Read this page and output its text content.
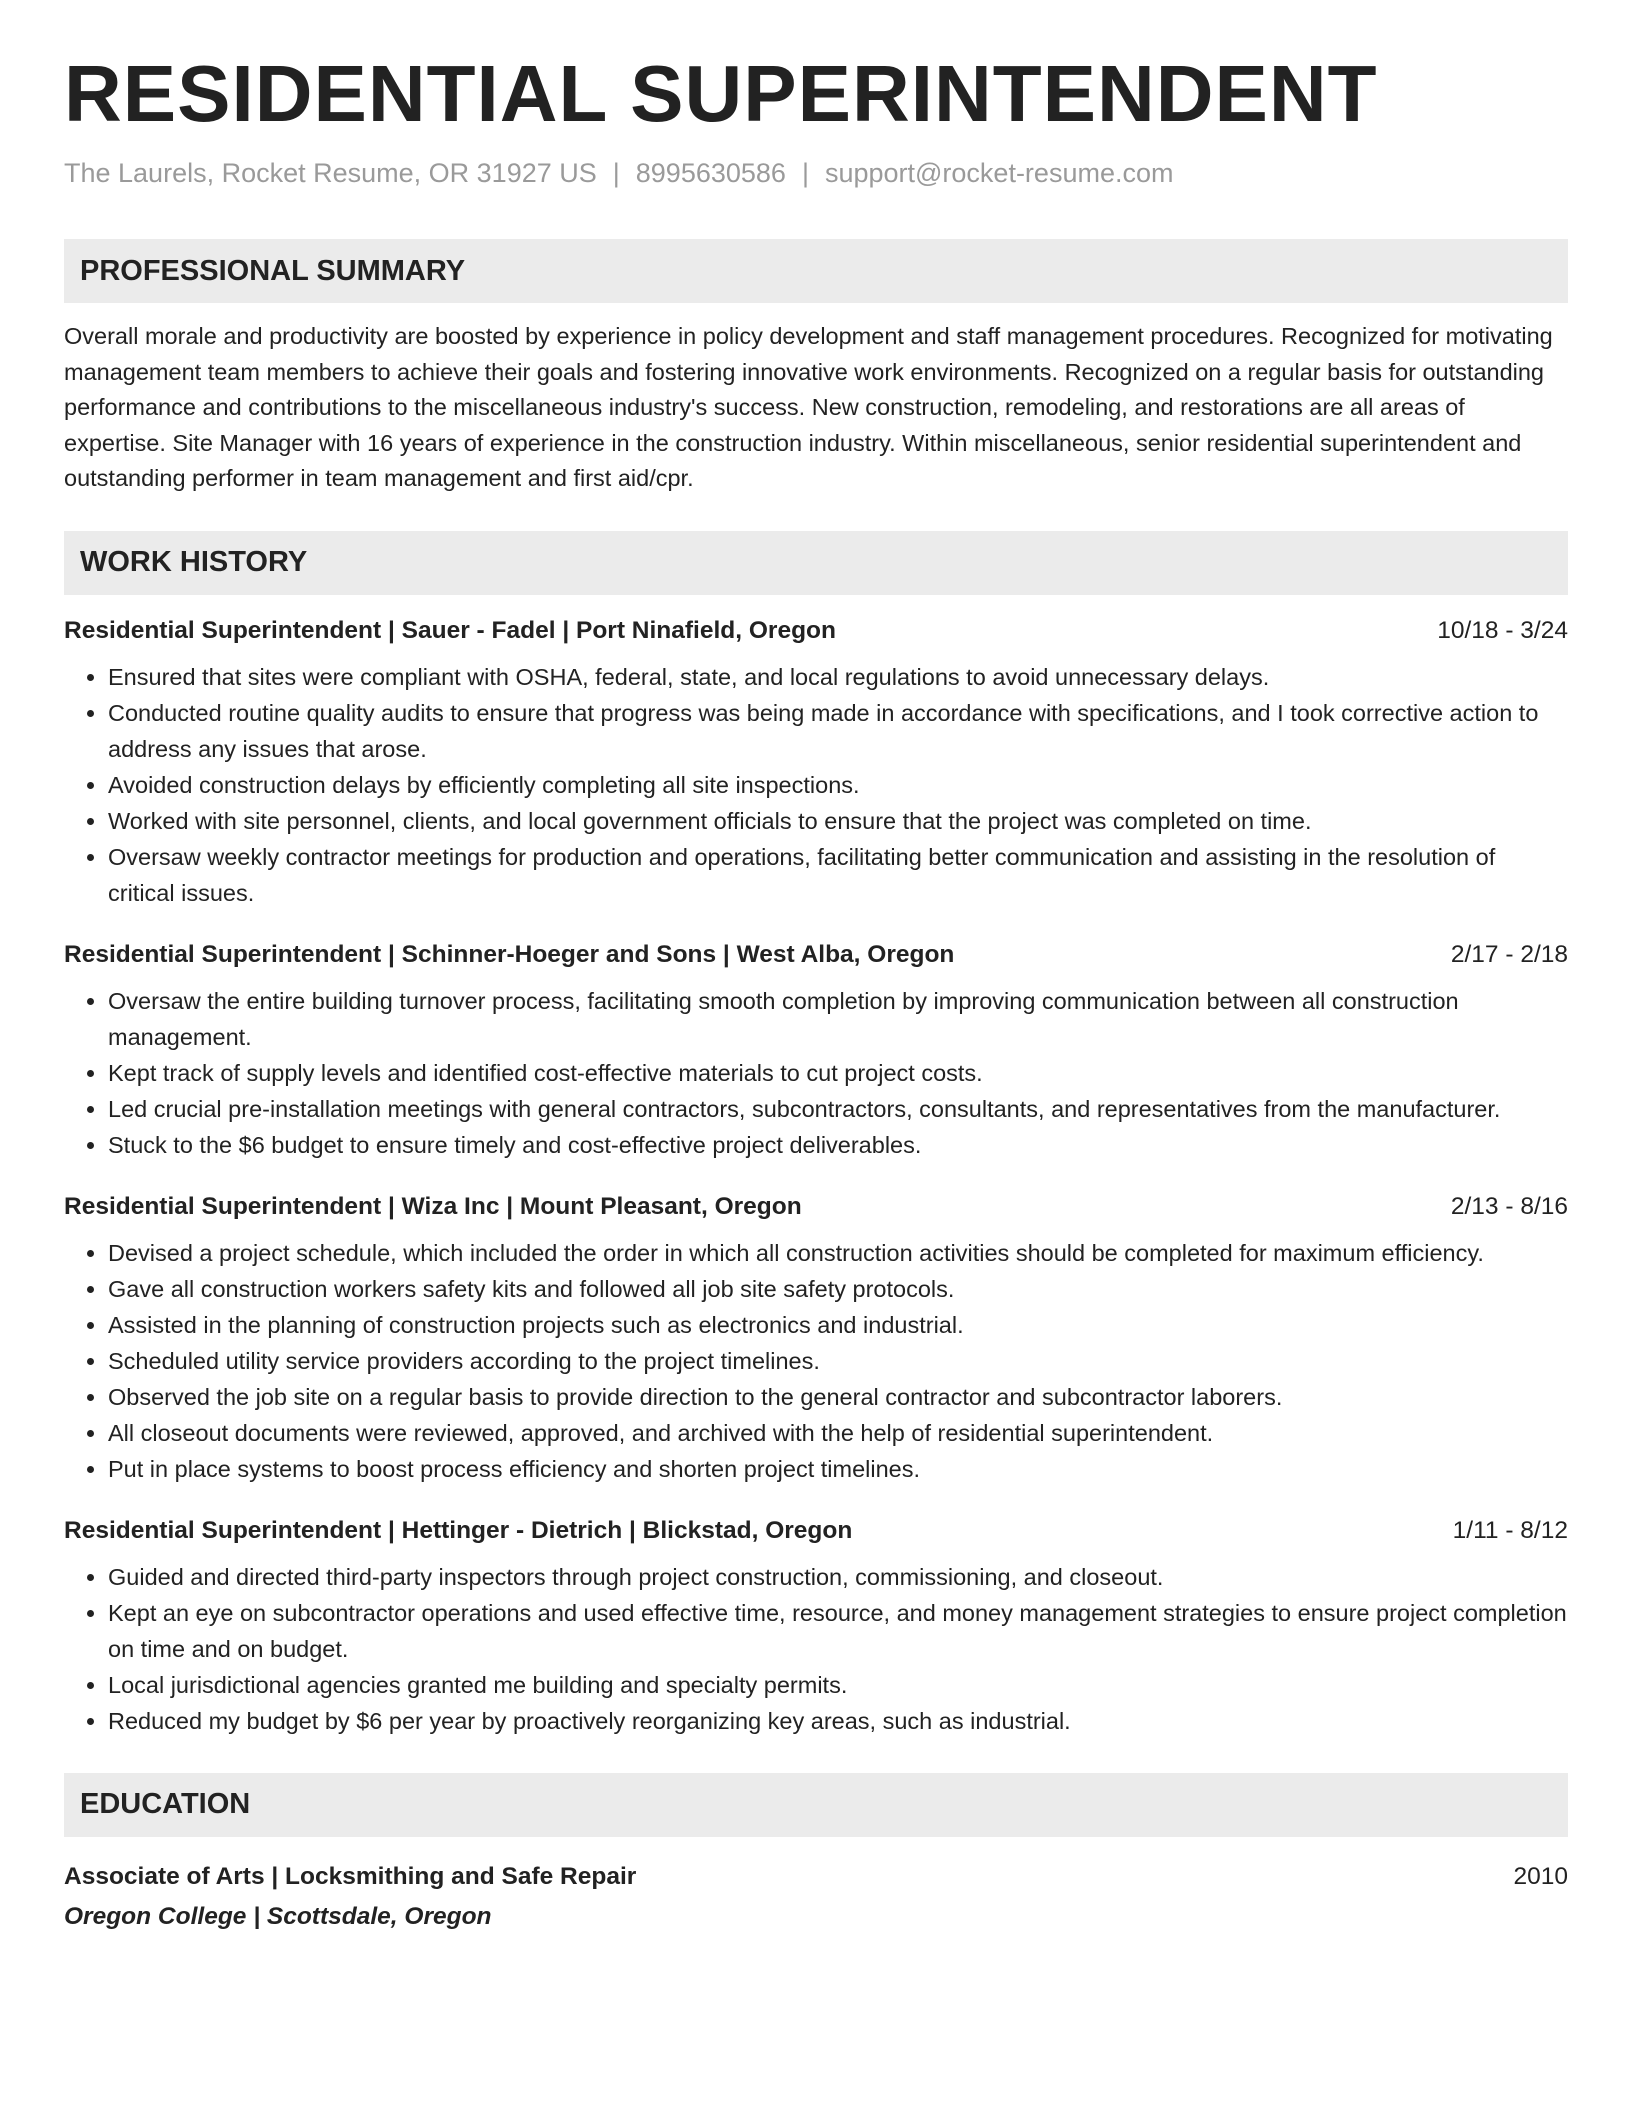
RESIDENTIAL SUPERINTENDENT
The Laurels, Rocket Resume, OR 31927 US | 8995630586 | support@rocket-resume.com
PROFESSIONAL SUMMARY
Overall morale and productivity are boosted by experience in policy development and staff management procedures. Recognized for motivating management team members to achieve their goals and fostering innovative work environments. Recognized on a regular basis for outstanding performance and contributions to the miscellaneous industry's success. New construction, remodeling, and restorations are all areas of expertise. Site Manager with 16 years of experience in the construction industry. Within miscellaneous, senior residential superintendent and outstanding performer in team management and first aid/cpr.
WORK HISTORY
Residential Superintendent | Sauer - Fadel | Port Ninafield, Oregon	10/18 - 3/24
• Ensured that sites were compliant with OSHA, federal, state, and local regulations to avoid unnecessary delays.
• Conducted routine quality audits to ensure that progress was being made in accordance with specifications, and I took corrective action to address any issues that arose.
• Avoided construction delays by efficiently completing all site inspections.
• Worked with site personnel, clients, and local government officials to ensure that the project was completed on time.
• Oversaw weekly contractor meetings for production and operations, facilitating better communication and assisting in the resolution of critical issues.
Residential Superintendent | Schinner-Hoeger and Sons | West Alba, Oregon	2/17 - 2/18
• Oversaw the entire building turnover process, facilitating smooth completion by improving communication between all construction management.
• Kept track of supply levels and identified cost-effective materials to cut project costs.
• Led crucial pre-installation meetings with general contractors, subcontractors, consultants, and representatives from the manufacturer.
• Stuck to the $6 budget to ensure timely and cost-effective project deliverables.
Residential Superintendent | Wiza Inc | Mount Pleasant, Oregon	2/13 - 8/16
• Devised a project schedule, which included the order in which all construction activities should be completed for maximum efficiency.
• Gave all construction workers safety kits and followed all job site safety protocols.
• Assisted in the planning of construction projects such as electronics and industrial.
• Scheduled utility service providers according to the project timelines.
• Observed the job site on a regular basis to provide direction to the general contractor and subcontractor laborers.
• All closeout documents were reviewed, approved, and archived with the help of residential superintendent.
• Put in place systems to boost process efficiency and shorten project timelines.
Residential Superintendent | Hettinger - Dietrich | Blickstad, Oregon	1/11 - 8/12
• Guided and directed third-party inspectors through project construction, commissioning, and closeout.
• Kept an eye on subcontractor operations and used effective time, resource, and money management strategies to ensure project completion on time and on budget.
• Local jurisdictional agencies granted me building and specialty permits.
• Reduced my budget by $6 per year by proactively reorganizing key areas, such as industrial.
EDUCATION
Associate of Arts | Locksmithing and Safe Repair	2010
Oregon College | Scottsdale, Oregon
